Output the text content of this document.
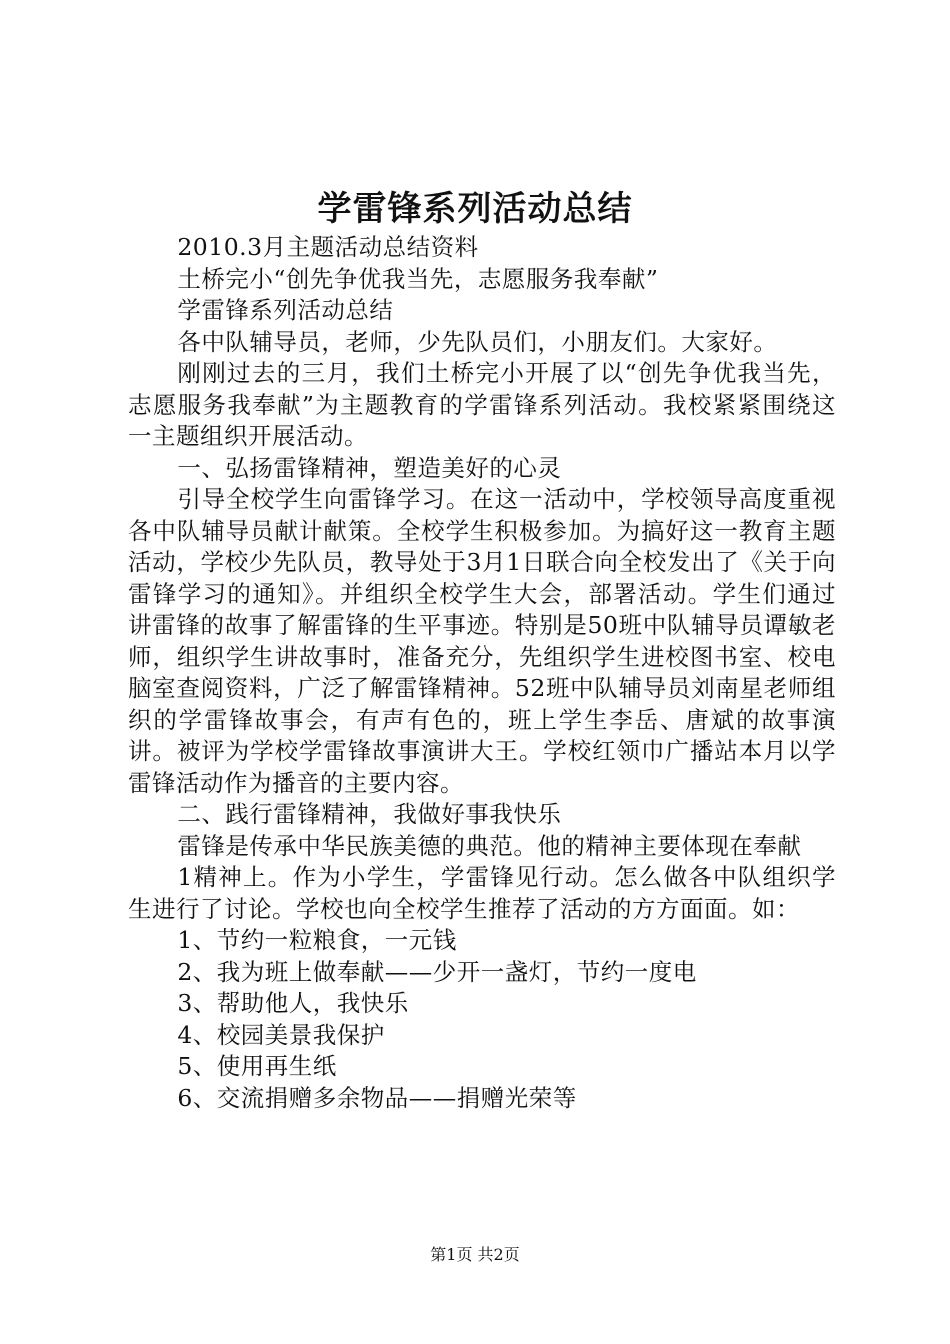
学雷锋系列活动总结

2010.3月主题活动总结资料

土桥完小“创先争优我当先，志愿服务我奉献”

学雷锋系列活动总结

各中队辅导员，老师，少先队员们，小朋友们。大家好。

刚刚过去的三月，我们土桥完小开展了以“创先争优我当先，志愿服务我奉献”为主题教育的学雷锋系列活动。我校紧紧围绕这一主题组织开展活动。

一、弘扬雷锋精神，塑造美好的心灵

引导全校学生向雷锋学习。在这一活动中，学校领导高度重视各中队辅导员献计献策。全校学生积极参加。为搞好这一教育主题活动，学校少先队员，教导处于3月1日联合向全校发出了《关于向雷锋学习的通知》。并组织全校学生大会，部署活动。学生们通过讲雷锋的故事了解雷锋的生平事迹。特别是50班中队辅导员谭敏老师，组织学生讲故事时，准备充分，先组织学生进校图书室、校电脑室查阅资料，广泛了解雷锋精神。52班中队辅导员刘南星老师组织的学雷锋故事会，有声有色的，班上学生李岳、唐斌的故事演讲。被评为学校学雷锋故事演讲大王。学校红领巾广播站本月以学雷锋活动作为播音的主要内容。

二、践行雷锋精神，我做好事我快乐

雷锋是传承中华民族美德的典范。他的精神主要体现在奉献

1精神上。作为小学生，学雷锋见行动。怎么做各中队组织学生进行了讨论。学校也向全校学生推荐了活动的方方面面。如：

1、节约一粒粮食，一元钱

2、我为班上做奉献——少开一盏灯，节约一度电

3、帮助他人，我快乐

4、校园美景我保护

5、使用再生纸

6、交流捐赠多余物品——捐赠光荣等

第1页 共2页
